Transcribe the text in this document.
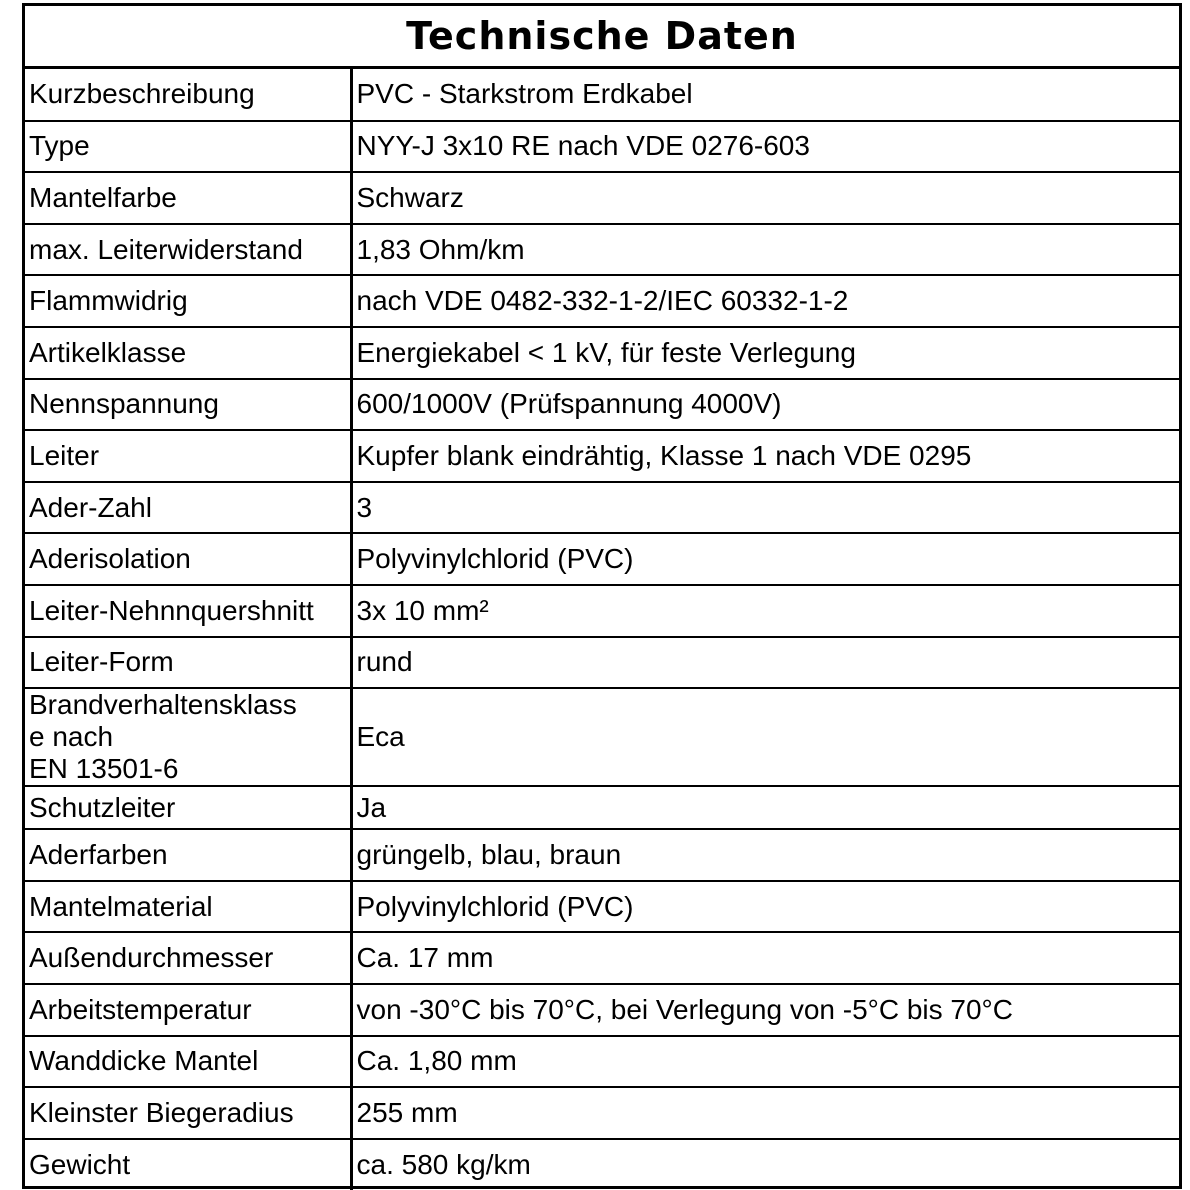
Technische Daten
Kurzbeschreibung	PVC - Starkstrom Erdkabel
Type	NYY-J 3x10 RE nach VDE 0276-603
Mantelfarbe	Schwarz
max. Leiterwiderstand	1,83 Ohm/km
Flammwidrig	nach VDE 0482-332-1-2/IEC 60332-1-2
Artikelklasse	Energiekabel < 1 kV, für feste Verlegung
Nennspannung	600/1000V (Prüfspannung 4000V)
Leiter	Kupfer blank eindrähtig, Klasse 1 nach VDE 0295
Ader-Zahl	3
Aderisolation	Polyvinylchlorid (PVC)
Leiter-Nehnnquershnitt	3x 10 mm²
Leiter-Form	rund

Brandverhaltensklass
e nach
EN 13501-6	Eca
Schutzleiter	Ja
Aderfarben	grüngelb, blau, braun
Mantelmaterial	Polyvinylchlorid (PVC)
Außendurchmesser	Ca. 17 mm
Arbeitstemperatur	von -30°C bis 70°C, bei Verlegung von -5°C bis 70°C
Wanddicke Mantel	Ca. 1,80 mm
Kleinster Biegeradius	255 mm
Gewicht	ca. 580 kg/km
